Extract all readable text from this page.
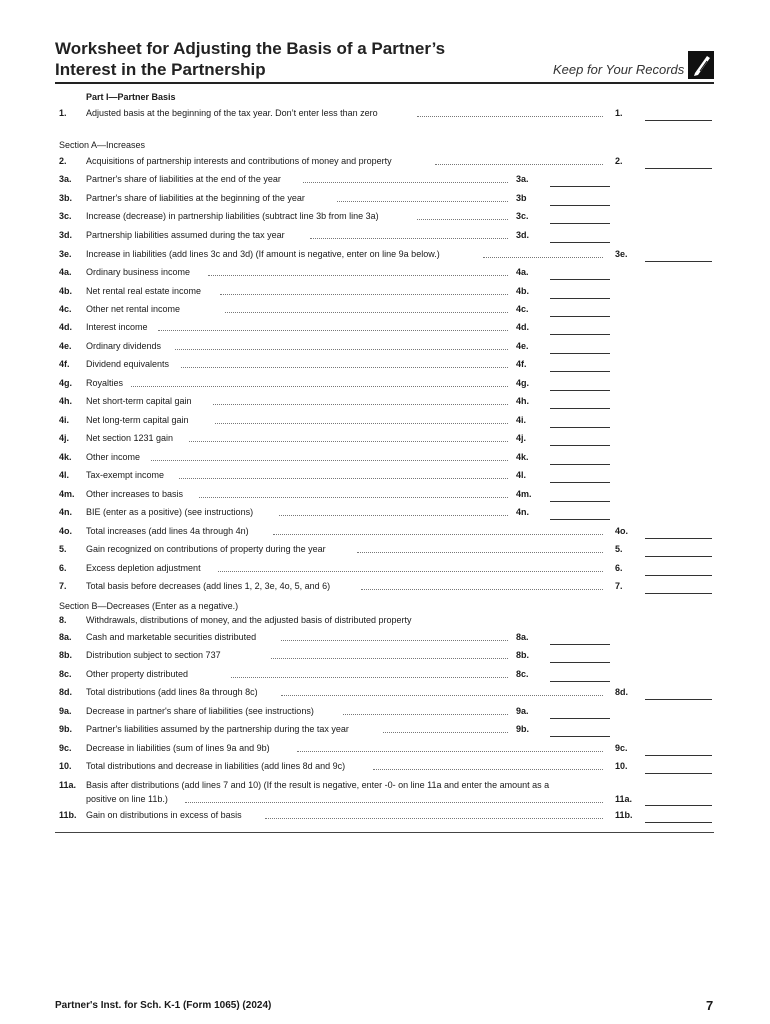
Worksheet for Adjusting the Basis of a Partner’s
Interest in the Partnership	Keep for Your Records
Part I—Partner Basis
1. Adjusted basis at the beginning of the tax year. Don’t enter less than zero	1.
Section A—Increases
2. Acquisitions of partnership interests and contributions of money and property	2.
3a. Partner's share of liabilities at the end of the year	3a.
3b. Partner's share of liabilities at the beginning of the year	3b
3c. Increase (decrease) in partnership liabilities (subtract line 3b from line 3a)	3c.
3d. Partnership liabilities assumed during the tax year	3d.
3e. Increase in liabilities (add lines 3c and 3d) (If amount is negative, enter on line 9a below.)	3e.
4a. Ordinary business income	4a.
4b. Net rental real estate income	4b.
4c. Other net rental income	4c.
4d. Interest income	4d.
4e. Ordinary dividends	4e.
4f. Dividend equivalents	4f.
4g. Royalties	4g.
4h. Net short-term capital gain	4h.
4i. Net long-term capital gain	4i.
4j. Net section 1231 gain	4j.
4k. Other income	4k.
4l. Tax-exempt income	4l.
4m. Other increases to basis	4m.
4n. BIE (enter as a positive) (see instructions)	4n.
4o. Total increases (add lines 4a through 4n)	4o.
5. Gain recognized on contributions of property during the year	5.
6. Excess depletion adjustment	6.
7. Total basis before decreases (add lines 1, 2, 3e, 4o, 5, and 6)	7.
Section B—Decreases (Enter as a negative.)
8. Withdrawals, distributions of money, and the adjusted basis of distributed property
8a. Cash and marketable securities distributed	8a.
8b. Distribution subject to section 737	8b.
8c. Other property distributed	8c.
8d. Total distributions (add lines 8a through 8c)	8d.
9a. Decrease in partner's share of liabilities (see instructions)	9a.
9b. Partner's liabilities assumed by the partnership during the tax year	9b.
9c. Decrease in liabilities (sum of lines 9a and 9b)	9c.
10. Total distributions and decrease in liabilities (add lines 8d and 9c)	10.
11a. Basis after distributions (add lines 7 and 10) (If the result is negative, enter -0- on line 11a and enter the amount as a
positive on line 11b.)	11a.
11b. Gain on distributions in excess of basis	11b.
Partner's Inst. for Sch. K-1 (Form 1065) (2024)	7
